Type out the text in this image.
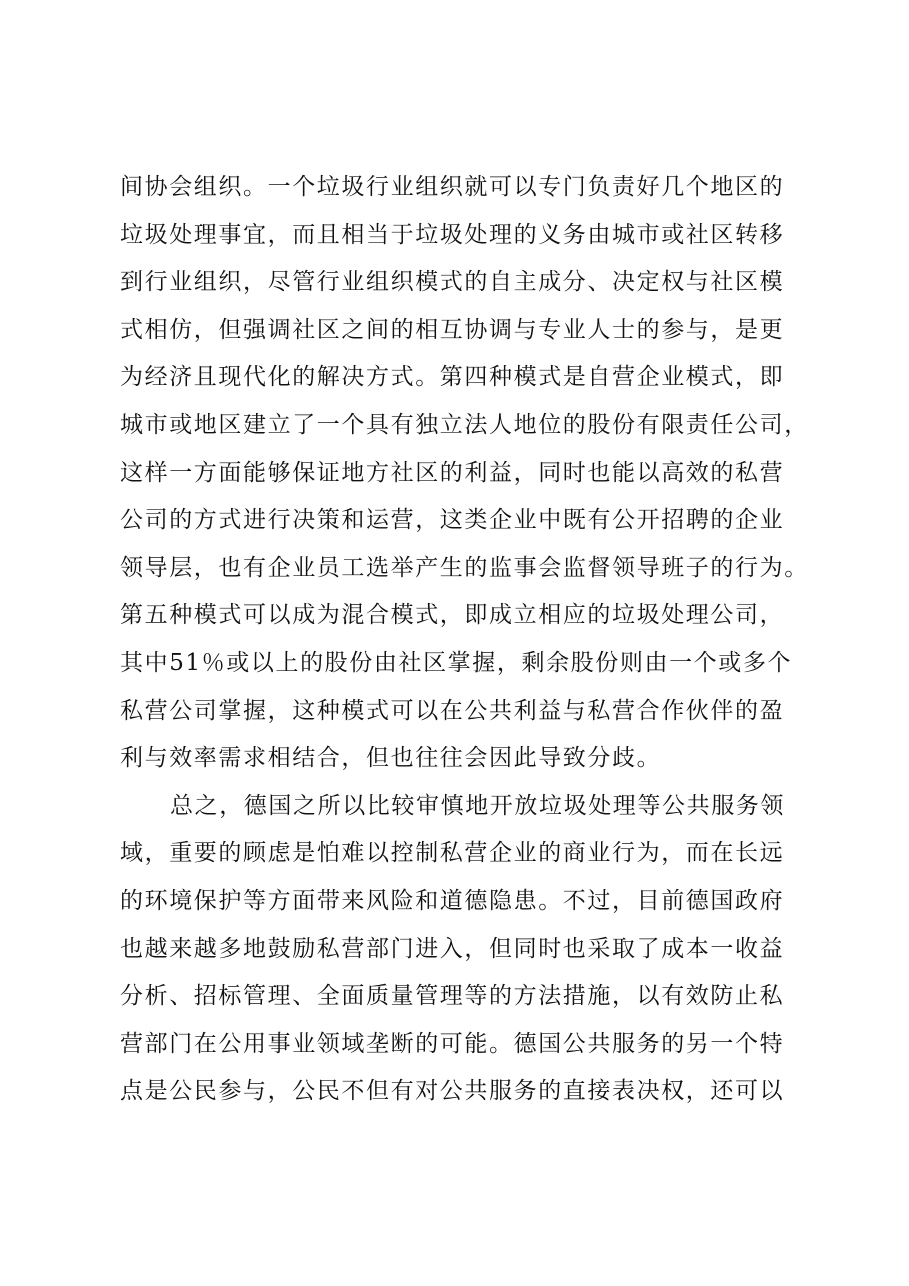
间协会组织。一个垃圾行业组织就可以专门负责好几个地区的
垃圾处理事宜，而且相当于垃圾处理的义务由城市或社区转移
到行业组织，尽管行业组织模式的自主成分、决定权与社区模
式相仿，但强调社区之间的相互协调与专业人士的参与，是更
为经济且现代化的解决方式。第四种模式是自营企业模式，即
城市或地区建立了一个具有独立法人地位的股份有限责任公司，
这样一方面能够保证地方社区的利益，同时也能以高效的私营
公司的方式进行决策和运营，这类企业中既有公开招聘的企业
领导层，也有企业员工选举产生的监事会监督领导班子的行为。
第五种模式可以成为混合模式，即成立相应的垃圾处理公司，
其中51％或以上的股份由社区掌握，剩余股份则由一个或多个
私营公司掌握，这种模式可以在公共利益与私营合作伙伴的盈
利与效率需求相结合，但也往往会因此导致分歧。
总之，德国之所以比较审慎地开放垃圾处理等公共服务领
域，重要的顾虑是怕难以控制私营企业的商业行为，而在长远
的环境保护等方面带来风险和道德隐患。不过，目前德国政府
也越来越多地鼓励私营部门进入，但同时也采取了成本一收益
分析、招标管理、全面质量管理等的方法措施，以有效防止私
营部门在公用事业领域垄断的可能。德国公共服务的另一个特
点是公民参与，公民不但有对公共服务的直接表决权，还可以
